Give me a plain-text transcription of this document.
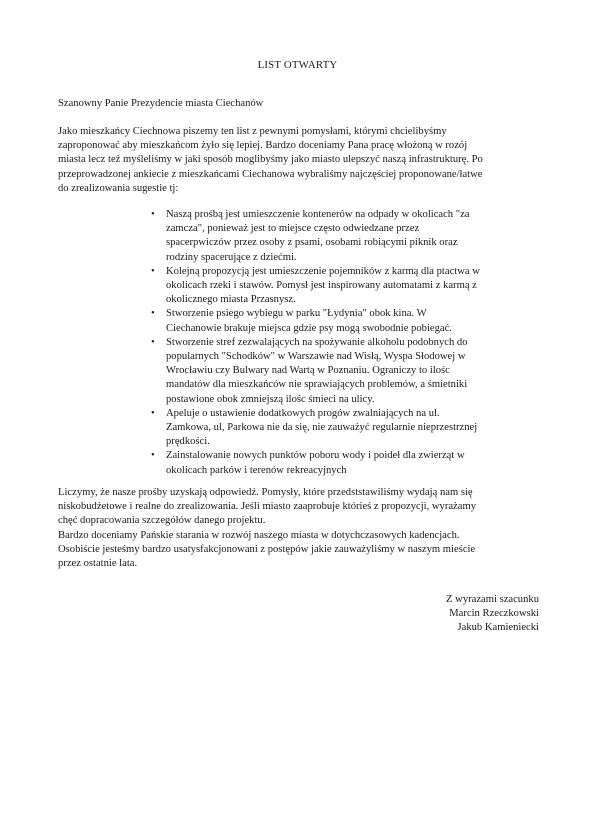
LIST OTWARTY
Szanowny Panie Prezydencie miasta Ciechanów

Jako mieszkańcy Ciechnowa piszemy ten list z pewnymi pomysłami, którymi chcielibyśmy

zaproponować aby mieszkańcom żyło się lepiej. Bardzo doceniamy Pana pracę włożoną w rozój

miasta lecz też myśleliśmy w jaki sposób moglibyśmy jako miasto ulepszyć naszą infrastrukturę. Po

przeprowadzonej ankiecie z mieszkańcami Ciechanowa wybraliśmy najczęściej proponowane/łatwe

do zrealizowania sugestie tj:

• Naszą prośbą jest umieszczenie kontenerów na odpady w okolicach "za
zamcza", ponieważ jest to miejsce często odwiedzane przez
spacerpwiczów przez osoby z psami, osobami robiącymi piknik oraz
rodziny spacerujące z dziećmi.
• Kolejną propozycją jest umieszczenie pojemników z karmą dla ptactwa w
okolicach rzeki i stawów. Pomysł jest inspirowany automatami z karmą z
okolicznego miasta Przasnysz.
• Stworzenie psiego wybiegu w parku "Łydynia" obok kina. W
Ciechanowie brakuje miejsca gdzie psy mogą swobodnie pobiegać.
• Stworzenie stref zezwalających na spożywanie alkoholu podobnych do
popularnych "Schodków" w Warszawie nad Wisłą, Wyspa Słodowej w
Wrocławiu czy Bulwary nad Wartą w Poznaniu. Ograniczy to ilośc
mandatów dla mieszkańców nie sprawiających problemów, a śmietniki
postawione obok zmniejszą ilośc śmieci na ulicy.
• Apeluje o ustawienie dodatkowych progów zwalniających na ul.
Zamkowa, ul, Parkowa nie da się, nie zauważyć regularnie nieprzestrznej
prędkości.
• Zainstalowanie nowych punktów poboru wody i poideł dla zwierząt w
okolicach parków i terenów rekreacyjnych

Liczymy, że nasze prośby uzyskają odpowiedź. Pomysły, które przedststawiliśmy wydają nam się

niskobudżetowe i realne do zrealizowania. Jeśli miasto zaaprobuje którieś z propozycji, wyrażamy

chęć dopracowania szczegółów danego projektu.

Bardzo doceniamy Pańskie starania w rozwój naszego miasta w dotychczasowych kadencjach.

Osobiście jesteśmy bardzo usatysfakcjonowani z postępów jakie zauważyliśmy w naszym mieście

przez ostatnie lata.

Z wyrazami szacunku
Marcin Rzeczkowski
Jakub Kamieniecki
